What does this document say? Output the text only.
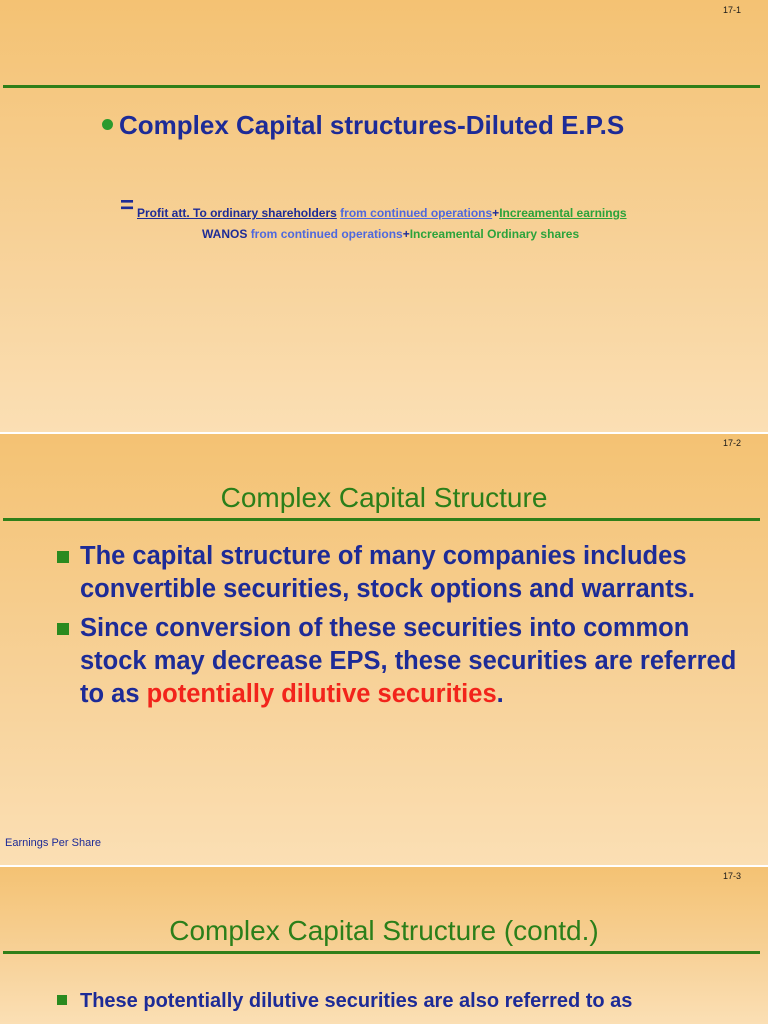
17-1
Complex Capital structures-Diluted E.P.S
= Profit att. To ordinary shareholders from continued operations+Increamental earnings
WANOS from continued operations+Increamental Ordinary shares
17-2
Complex Capital Structure
The capital structure of many companies includes convertible securities, stock options and warrants.
Since conversion of these securities into common stock may decrease EPS, these securities are referred to as potentially dilutive securities.
Earnings Per Share
17-3
Complex Capital Structure (contd.)
These potentially dilutive securities are also referred to as
